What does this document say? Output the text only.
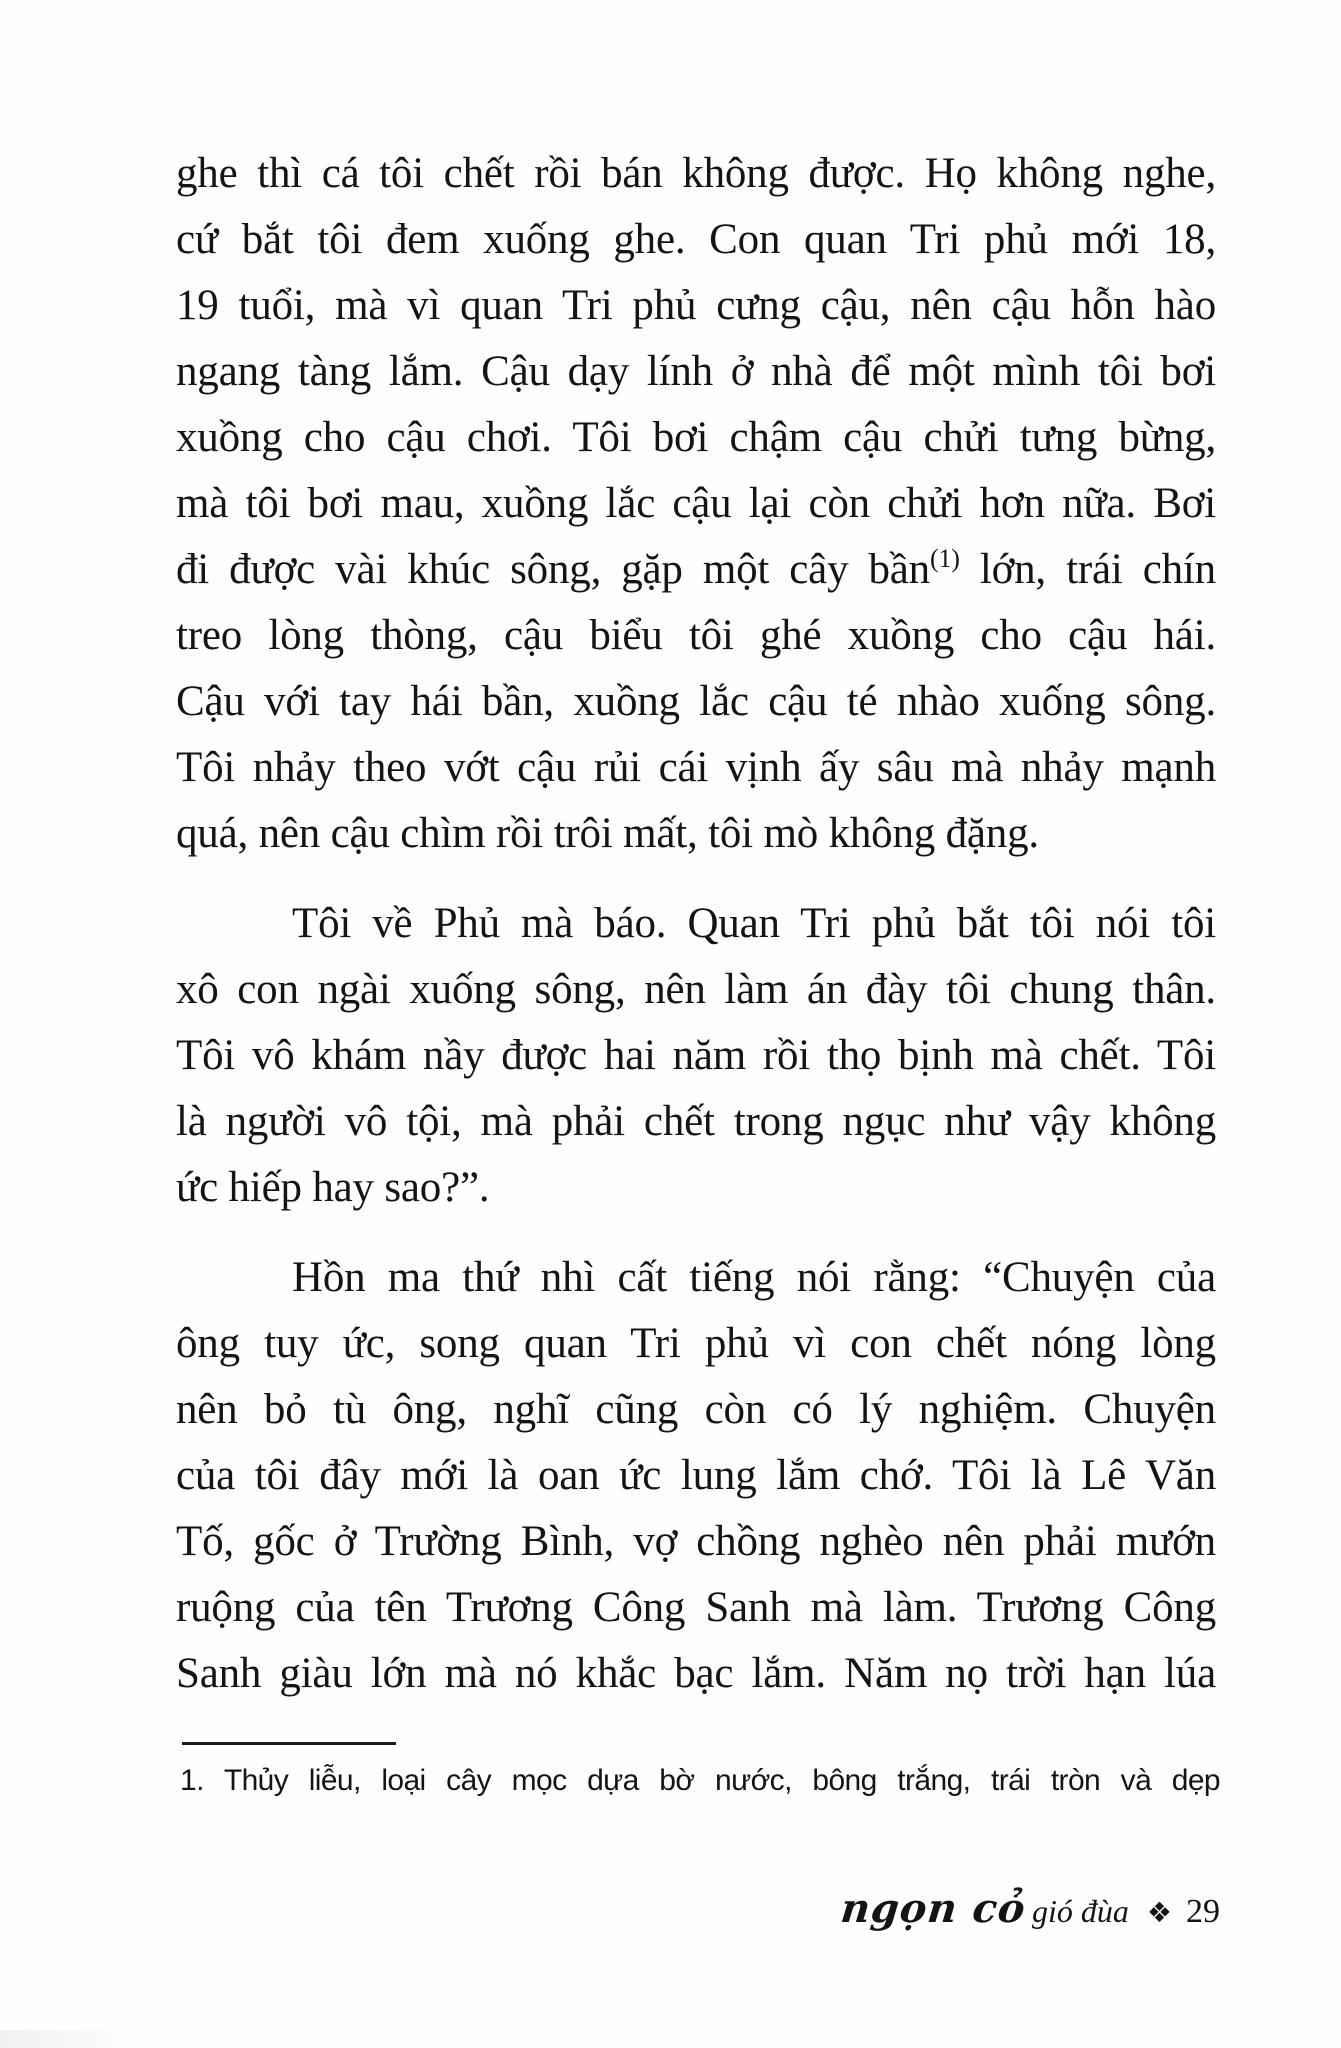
ghe thì cá tôi chết rồi bán không được. Họ không nghe,
cứ bắt tôi đem xuống ghe. Con quan Tri phủ mới 18,
19 tuổi, mà vì quan Tri phủ cưng cậu, nên cậu hỗn hào
ngang tàng lắm. Cậu dạy lính ở nhà để một mình tôi bơi
xuồng cho cậu chơi. Tôi bơi chậm cậu chửi tưng bừng,
mà tôi bơi mau, xuồng lắc cậu lại còn chửi hơn nữa. Bơi
đi được vài khúc sông, gặp một cây bần$^{(1)}$ lớn, trái chín
treo lòng thòng, cậu biểu tôi ghé xuồng cho cậu hái.
Cậu với tay hái bần, xuồng lắc cậu té nhào xuống sông.
Tôi nhảy theo vớt cậu rủi cái vịnh ấy sâu mà nhảy mạnh
quá, nên cậu chìm rồi trôi mất, tôi mò không đặng.

Tôi về Phủ mà báo. Quan Tri phủ bắt tôi nói tôi
xô con ngài xuống sông, nên làm án đày tôi chung thân.
Tôi vô khám nầy được hai năm rồi thọ bịnh mà chết. Tôi
là người vô tội, mà phải chết trong ngục như vậy không
ức hiếp hay sao?”.

Hồn ma thứ nhì cất tiếng nói rằng: “Chuyện của
ông tuy ức, song quan Tri phủ vì con chết nóng lòng
nên bỏ tù ông, nghĩ cũng còn có lý nghiệm. Chuyện
của tôi đây mới là oan ức lung lắm chớ. Tôi là Lê Văn
Tố, gốc ở Trường Bình, vợ chồng nghèo nên phải mướn
ruộng của tên Trương Công Sanh mà làm. Trương Công
Sanh giàu lớn mà nó khắc bạc lắm. Năm nọ trời hạn lúa

1. Thủy liễu, loại cây mọc dựa bờ nước, bông trắng, trái tròn và dẹp
ngọn cỏ gió đùa ❖ 29
